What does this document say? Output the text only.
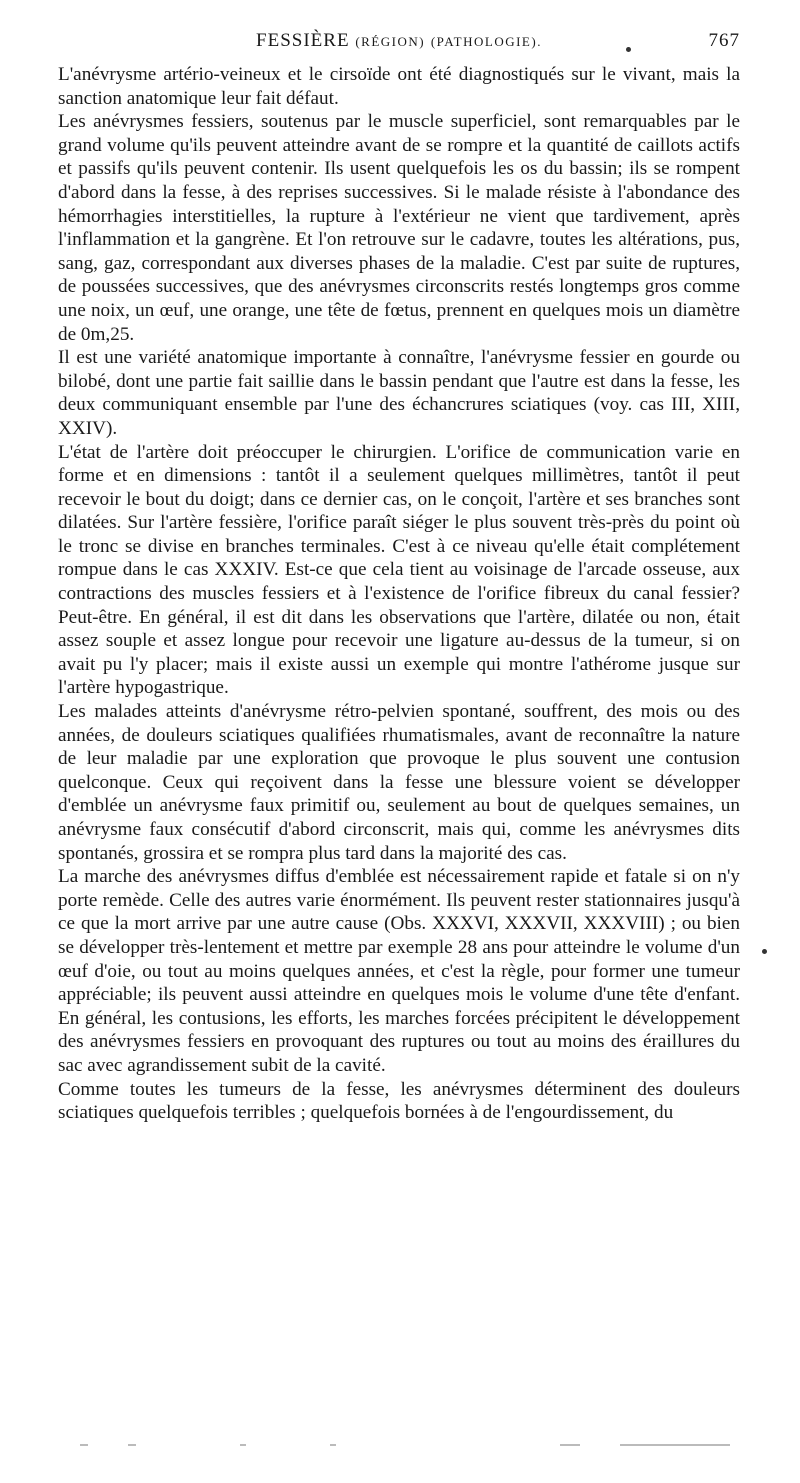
FESSIÈRE (RÉGION) (PATHOLOGIE).	767

L'anévrysme artério-veineux et le cirsoïde ont été diagnostiqués sur le vivant, mais la sanction anatomique leur fait défaut.

Les anévrysmes fessiers, soutenus par le muscle superficiel, sont remarquables par le grand volume qu'ils peuvent atteindre avant de se rompre et la quantité de caillots actifs et passifs qu'ils peuvent contenir. Ils usent quelquefois les os du bassin; ils se rompent d'abord dans la fesse, à des reprises successives. Si le malade résiste à l'abondance des hémorrhagies interstitielles, la rupture à l'extérieur ne vient que tardivement, après l'inflammation et la gangrène. Et l'on retrouve sur le cadavre, toutes les altérations, pus, sang, gaz, correspondant aux diverses phases de la maladie. C'est par suite de ruptures, de poussées successives, que des anévrysmes circonscrits restés longtemps gros comme une noix, un œuf, une orange, une tête de fœtus, prennent en quelques mois un diamètre de 0m,25.

Il est une variété anatomique importante à connaître, l'anévrysme fessier en gourde ou bilobé, dont une partie fait saillie dans le bassin pendant que l'autre est dans la fesse, les deux communiquant ensemble par l'une des échancrures sciatiques (voy. cas III, XIII, XXIV).

L'état de l'artère doit préoccuper le chirurgien. L'orifice de communication varie en forme et en dimensions : tantôt il a seulement quelques millimètres, tantôt il peut recevoir le bout du doigt; dans ce dernier cas, on le conçoit, l'artère et ses branches sont dilatées. Sur l'artère fessière, l'orifice paraît siéger le plus souvent très-près du point où le tronc se divise en branches terminales. C'est à ce niveau qu'elle était complétement rompue dans le cas XXXIV. Est-ce que cela tient au voisinage de l'arcade osseuse, aux contractions des muscles fessiers et à l'existence de l'orifice fibreux du canal fessier? Peut-être. En général, il est dit dans les observations que l'artère, dilatée ou non, était assez souple et assez longue pour recevoir une ligature au-dessus de la tumeur, si on avait pu l'y placer; mais il existe aussi un exemple qui montre l'athérome jusque sur l'artère hypogastrique.

Les malades atteints d'anévrysme rétro-pelvien spontané, souffrent, des mois ou des années, de douleurs sciatiques qualifiées rhumatismales, avant de reconnaître la nature de leur maladie par une exploration que provoque le plus souvent une contusion quelconque. Ceux qui reçoivent dans la fesse une blessure voient se développer d'emblée un anévrysme faux primitif ou, seulement au bout de quelques semaines, un anévrysme faux consécutif d'abord circonscrit, mais qui, comme les anévrysmes dits spontanés, grossira et se rompra plus tard dans la majorité des cas.

La marche des anévrysmes diffus d'emblée est nécessairement rapide et fatale si on n'y porte remède. Celle des autres varie énormément. Ils peuvent rester stationnaires jusqu'à ce que la mort arrive par une autre cause (Obs. XXXVI, XXXVII, XXXVIII) ; ou bien se développer très-lentement et mettre par exemple 28 ans pour atteindre le volume d'un œuf d'oie, ou tout au moins quelques années, et c'est la règle, pour former une tumeur appréciable; ils peuvent aussi atteindre en quelques mois le volume d'une tête d'enfant. En général, les contusions, les efforts, les marches forcées précipitent le développement des anévrysmes fessiers en provoquant des ruptures ou tout au moins des éraillures du sac avec agrandissement subit de la cavité.

Comme toutes les tumeurs de la fesse, les anévrysmes déterminent des douleurs sciatiques quelquefois terribles ; quelquefois bornées à de l'engourdissement, du
